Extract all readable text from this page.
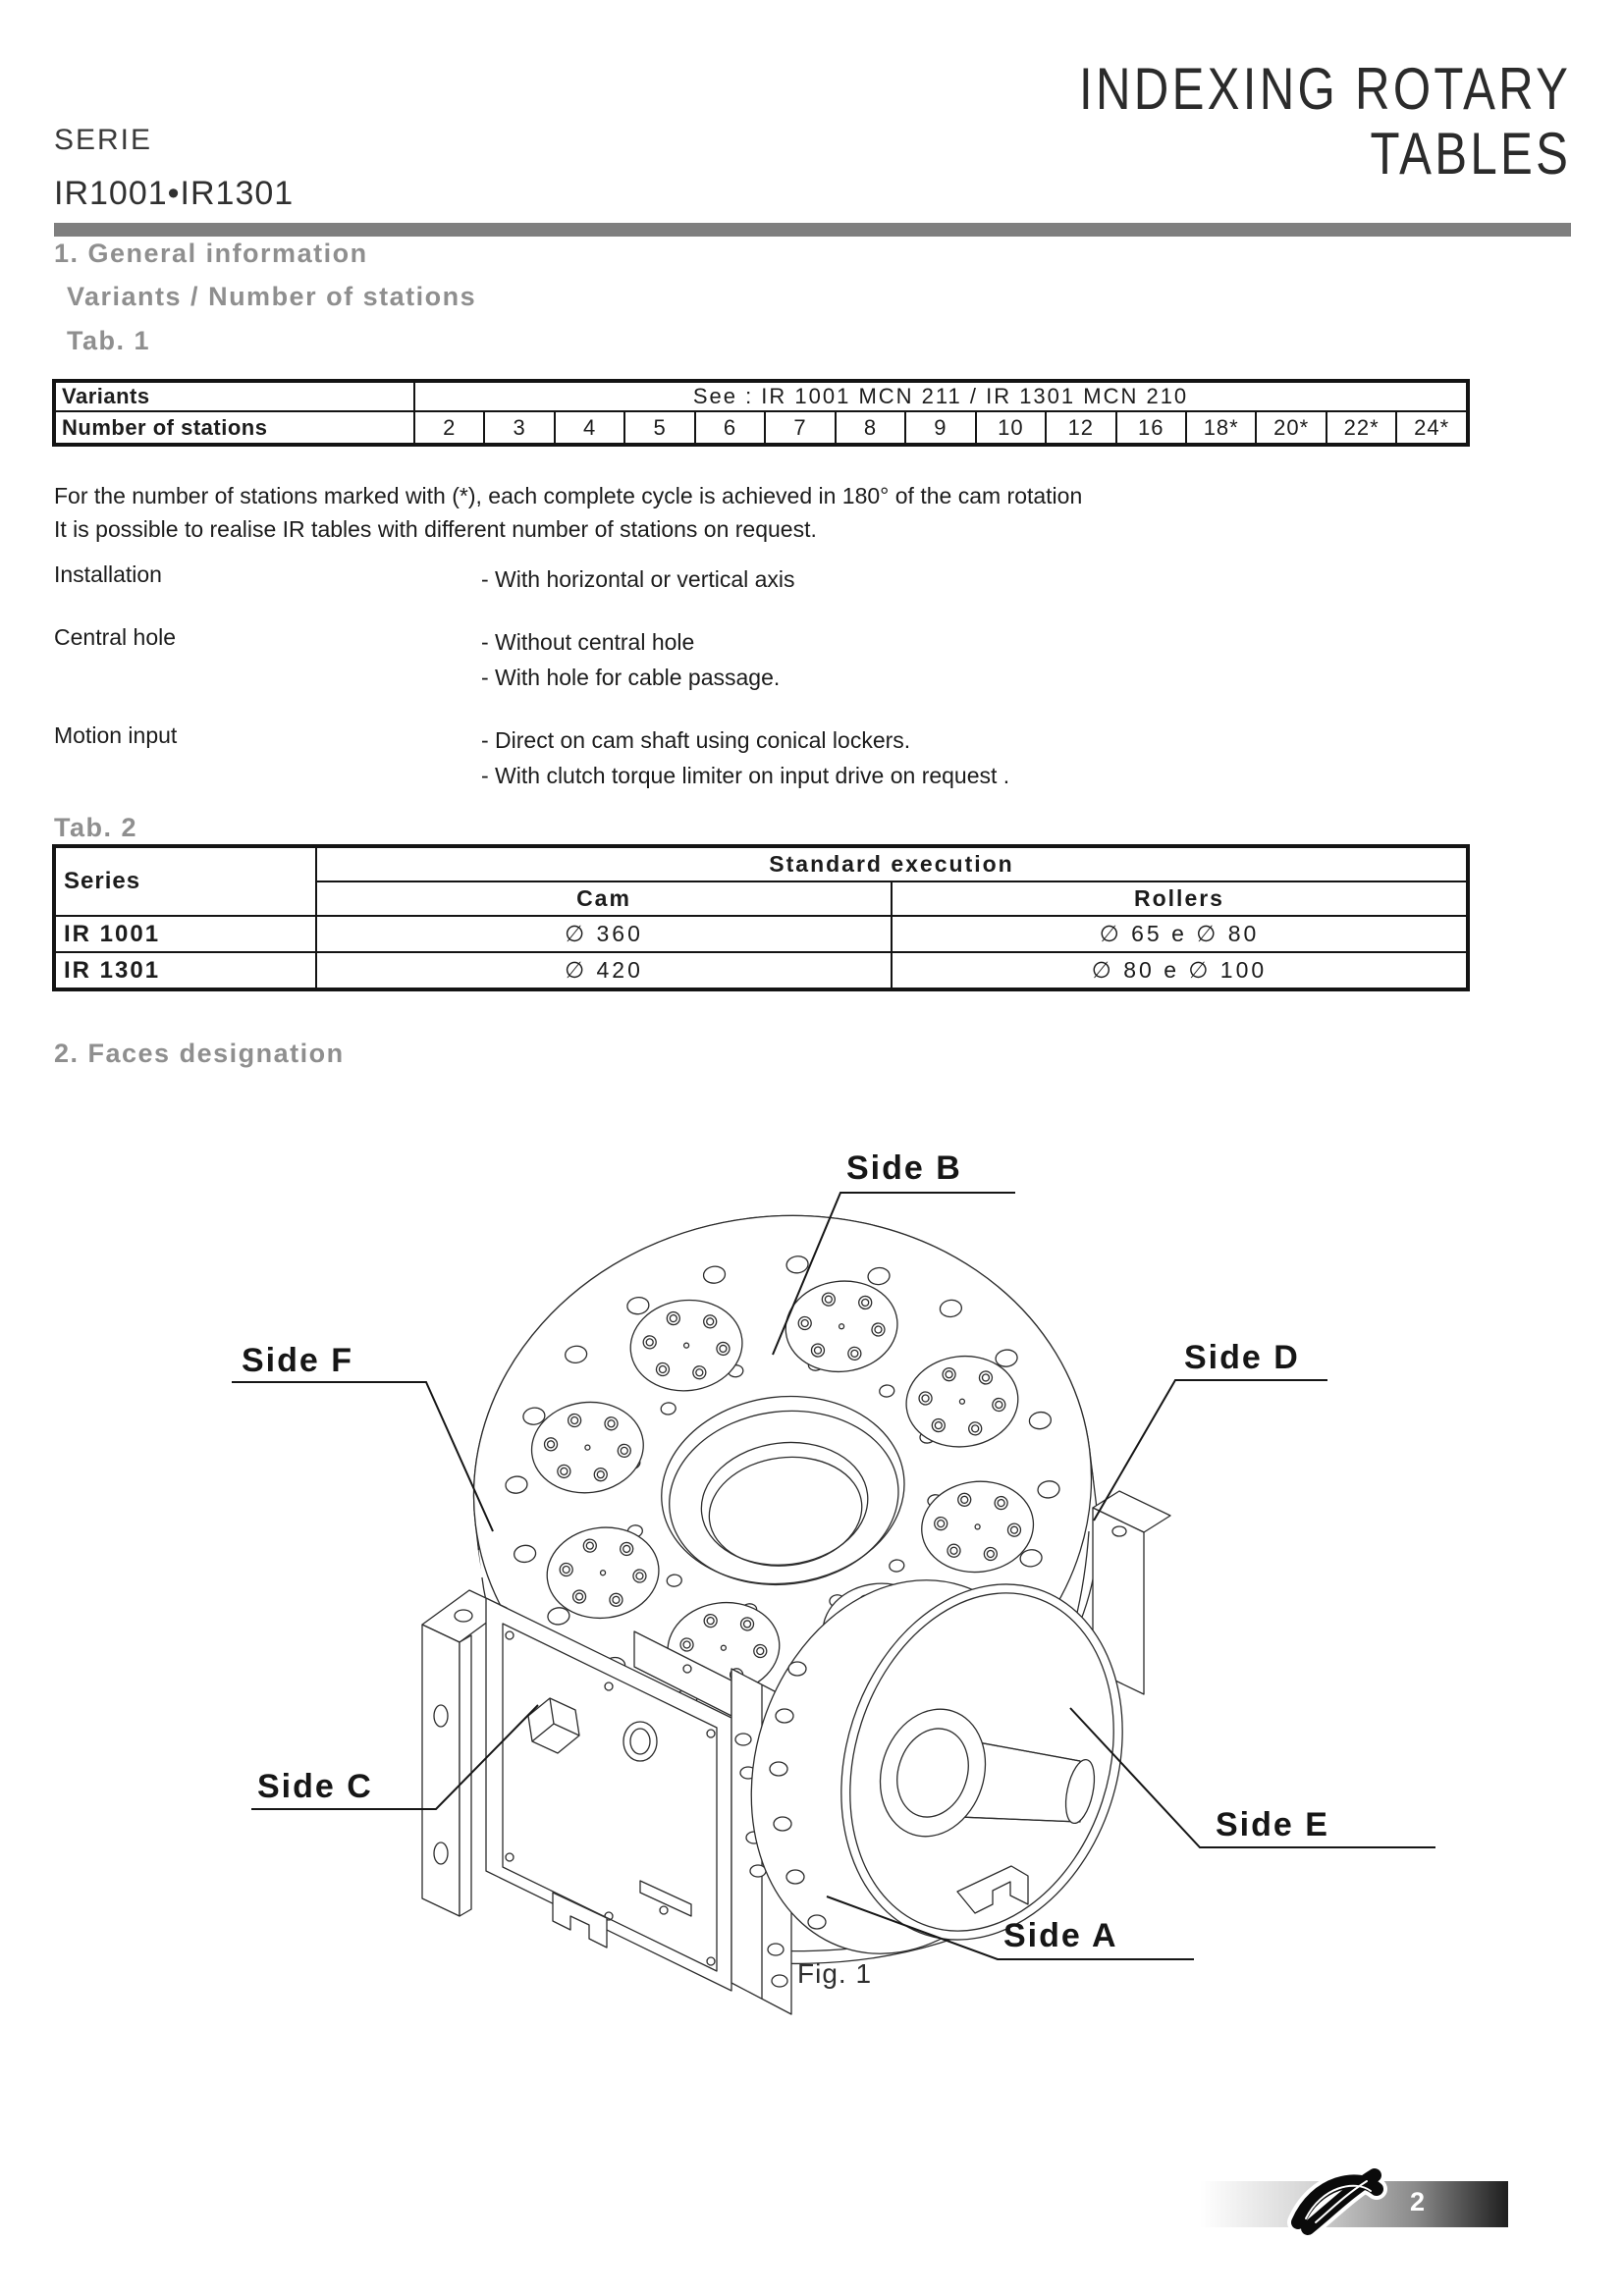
SERIE
IR1001•IR1301
INDEXING ROTARY
TABLES
1. General information
Variants / Number of stations
Tab. 1
Variants	See : IR 1001 MCN 211 / IR 1301 MCN 210														
Number of stations	2	3	4	5	6	7	8	9	10	12	16	18*	20*	22*	24*
For the number of stations marked with (*), each complete cycle is achieved in 180° of the cam rotation
It is possible to realise IR tables with different number of stations on request.
Installation	- With horizontal or vertical axis
Central hole	- Without central hole
- With hole for cable passage.
Motion input	- Direct on cam shaft using conical lockers.
- With clutch torque limiter on input drive on request .
Tab. 2
Series	Standard execution	
	Cam	Rollers
IR 1001	∅ 360	∅ 65 e ∅ 80
IR 1301	∅ 420	∅ 80 e ∅ 100
2. Faces designation
Side B
Side D
Side F
Side C
Side E
Side A
Fig. 1
2
